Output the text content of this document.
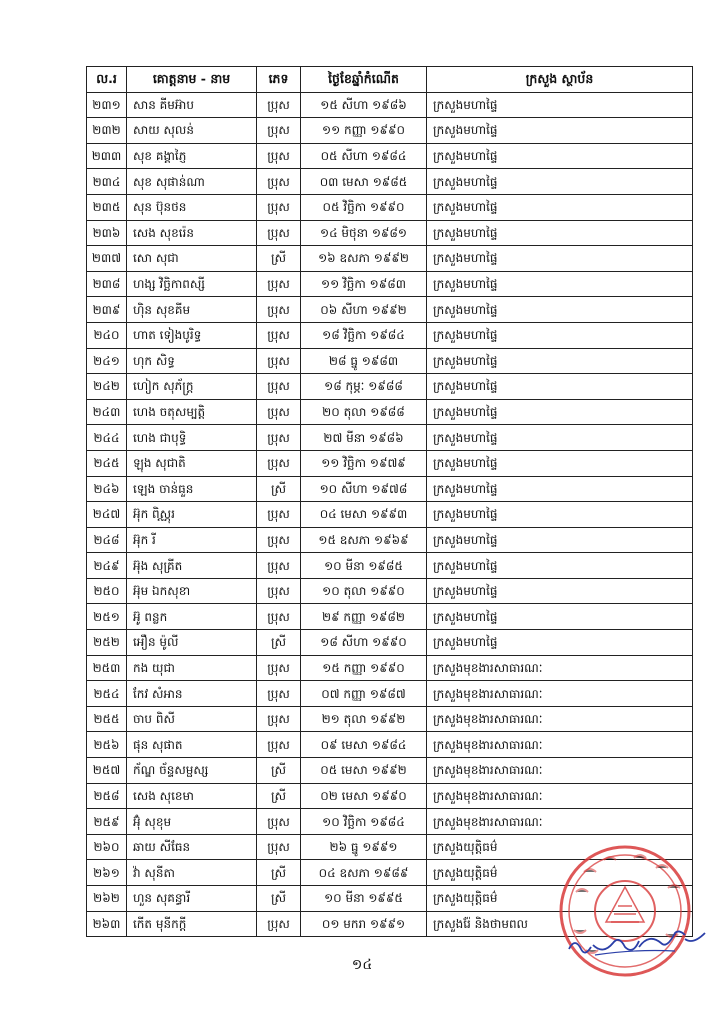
ល.រ	គោត្តនាម - នាម	ភេទ	ថ្ងៃខែឆ្នាំកំណើត	ក្រសួង ស្ថាប័ន
២៣១	សាន គីមអ៊ាប	ប្រុស	១៥ សីហា ១៩៨៦	ក្រសួងមហាផ្ទៃ
២៣២	សាយ សុលន់	ប្រុស	១១ កញ្ញា ១៩៩០	ក្រសួងមហាផ្ទៃ
២៣៣	សុខ គង្គាភ្ញៃ	ប្រុស	០៥ សីហា ១៩៨៤	ក្រសួងមហាផ្ទៃ
២៣៤	សុខ សុផាន់ណា	ប្រុស	០៣ មេសា ១៩៨៥	ក្រសួងមហាផ្ទៃ
២៣៥	សុន ប៊ុនថន	ប្រុស	០៥ វិច្ឆិកា ១៩៩០	ក្រសួងមហាផ្ទៃ
២៣៦	សេង សុខរ៉េន	ប្រុស	១៤ មិថុនា ១៩៨១	ក្រសួងមហាផ្ទៃ
២៣៧	សោ សុជា	ស្រី	១៦ ឧសភា ១៩៩២	ក្រសួងមហាផ្ទៃ
២៣៨	ហង្ស វិច្ឆិកាពស្សី	ប្រុស	១១ វិច្ឆិកា ១៩៨៣	ក្រសួងមហាផ្ទៃ
២៣៩	ហ៊ិន សុខគីម	ប្រុស	០៦ សីហា ១៩៩២	ក្រសួងមហាផ្ទៃ
២៤០	ហាត ទៀងបូរិទ្ធ	ប្រុស	១៨ វិច្ឆិកា ១៩៨៤	ក្រសួងមហាផ្ទៃ
២៤១	ហុក សិទ្ធ	ប្រុស	២៨ ធ្នូ ១៩៨៣	ក្រសួងមហាផ្ទៃ
២៤២	ហៀក សុភ័ក្ត្រ	ប្រុស	១៨ កុម្ភៈ ១៩៨៨	ក្រសួងមហាផ្ទៃ
២៤៣	ហេង ចតុសម្បត្តិ	ប្រុស	២០ តុលា ១៩៨៨	ក្រសួងមហាផ្ទៃ
២៤៤	ហេង ជាបុទ្ធិ	ប្រុស	២៧ មីនា ១៩៨៦	ក្រសួងមហាផ្ទៃ
២៤៥	ឡុង សុជាតិ	ប្រុស	១១ វិច្ឆិកា ១៩៧៩	ក្រសួងមហាផ្ទៃ
២៤៦	ឡេង ចាន់ធួន	ស្រី	១០ សីហា ១៩៧៨	ក្រសួងមហាផ្ទៃ
២៤៧	អ៊ុក ពិស្ណុរ	ប្រុស	០៤ មេសា ១៩៩៣	ក្រសួងមហាផ្ទៃ
២៤៨	អ៊ុក រី	ប្រុស	១៥ ឧសភា ១៩៦៩	ក្រសួងមហាផ្ទៃ
២៤៩	អ៊ុង សុគ្រីត	ប្រុស	១០ មីនា ១៩៨៥	ក្រសួងមហាផ្ទៃ
២៥០	អ៊ុម ឯកសុខា	ប្រុស	១០ តុលា ១៩៩០	ក្រសួងមហាផ្ទៃ
២៥១	អ៊ូ ពន្លក	ប្រុស	២៩ កញ្ញា ១៩៨២	ក្រសួងមហាផ្ទៃ
២៥២	អឿន ម៉ូលី	ស្រី	១៨ សីហា ១៩៩០	ក្រសួងមហាផ្ទៃ
២៥៣	កង យុជា	ប្រុស	១៥ កញ្ញា ១៩៩០	ក្រសួងមុខងារសាធារណៈ
២៥៤	កែវ សំអាន	ប្រុស	០៧ កញ្ញា ១៩៨៧	ក្រសួងមុខងារសាធារណៈ
២៥៥	ចាប ពិសី	ប្រុស	២១ តុលា ១៩៩២	ក្រសួងមុខងារសាធារណៈ
២៥៦	ផុន សុផាត	ប្រុស	០៩ មេសា ១៩៨៤	ក្រសួងមុខងារសាធារណៈ
២៥៧	ក័ណ្ឌ ច័ន្ទសម្ផស្ស	ស្រី	០៥ មេសា ១៩៩២	ក្រសួងមុខងារសាធារណៈ
២៥៨	សេង សុខេមា	ស្រី	០២ មេសា ១៩៩០	ក្រសួងមុខងារសាធារណៈ
២៥៩	អ៊ុំ សុខុម	ប្រុស	១០ វិច្ឆិកា ១៩៨៤	ក្រសួងមុខងារសាធារណៈ
២៦០	ឆាយ សីធែន	ប្រុស	២៦ ធ្នូ ១៩៩១	ក្រសួងយុត្តិធម៌
២៦១	វ៉ា សុនីតា	ស្រី	០៤ ឧសភា ១៩៨៩	ក្រសួងយុត្តិធម៌
២៦២	ហួន សុគន្ធារី	ស្រី	១០ មីនា ១៩៩៥	ក្រសួងយុត្តិធម៌
២៦៣	កើត មុនីកក្តី	ប្រុស	០១ មករា ១៩៩១	ក្រសួងរ៉ែ និងថាមពល
១៤
